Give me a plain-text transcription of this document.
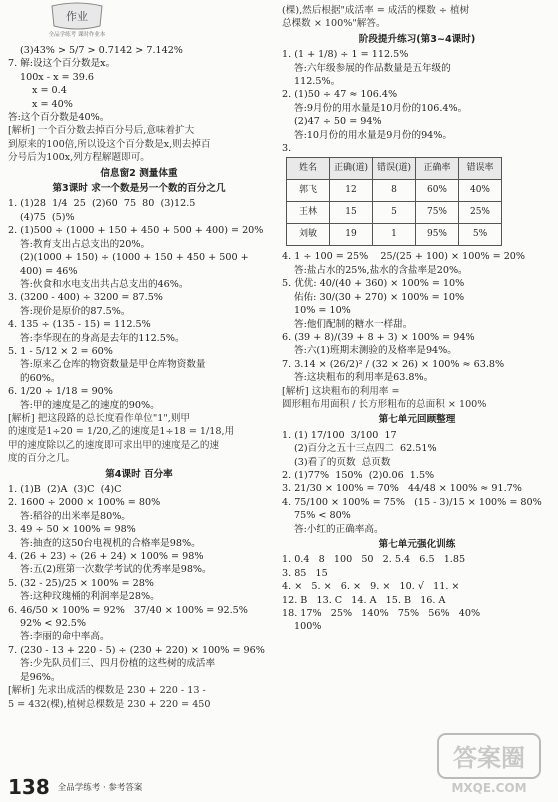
作业
全品学练考 课时作业本
(3)43% > 5/7 > 0.7142 > 7.142%
7. 解:设这个百分数是x。
100x - x = 39.6
x = 0.4
x = 40%
答:这个百分数是40%。
[解析] 一个百分数去掉百分号后,意味着扩大
到原来的100倍,所以设这个百分数是x,则去掉百
分号后为100x,列方程解题即可。
信息窗2 测量体重
第3课时 求一个数是另一个数的百分之几
1. (1)28  1/4  25  (2)60  75  80  (3)12.5
(4)75  (5)%
2. (1)500 ÷ (1000 + 150 + 450 + 500 + 400) = 20%
答:教育支出占总支出的20%。
(2)(1000 + 150) ÷ (1000 + 150 + 450 + 500 +
400) = 46%
答:伙食和水电支出共占总支出的46%。
3. (3200 - 400) ÷ 3200 = 87.5%
答:现价是原价的87.5%。
4. 135 ÷ (135 - 15) = 112.5%
答:李华现在的身高是去年的112.5%。
5. 1 - 5/12 × 2 = 60%
答:原来乙仓库的物资数量是甲仓库物资数量
的60%。
6. 1/20 ÷ 1/18 = 90%
答:甲的速度是乙的速度的90%。
[解析] 把这段路的总长度看作单位"1",则甲
的速度是1÷20 = 1/20,乙的速度是1÷18 = 1/18,用
甲的速度除以乙的速度即可求出甲的速度是乙的速
度的百分之几。
第4课时 百分率
1. (1)B  (2)A  (3)C  (4)C
2. 1600 ÷ 2000 × 100% = 80%
答:稻谷的出米率是80%。
3. 49 ÷ 50 × 100% = 98%
答:抽查的这50台电视机的合格率是98%。
4. (26 + 23) ÷ (26 + 24) × 100% = 98%
答:五(2)班第一次数学考试的优秀率是98%。
5. (32 - 25)/25 × 100% = 28%
答:这种玟瑰桶的利润率是28%。
6. 46/50 × 100% = 92%   37/40 × 100% = 92.5%
92% < 92.5%
答:李丽的命中率高。
7. (230 - 13 + 220 - 5) ÷ (230 + 220) × 100% = 96%
答:少先队员们三、四月份植的这些树的成活率
是96%。
[解析] 先求出成活的棵数是 230 + 220 - 13 -
5 = 432(棵),植树总棵数是 230 + 220 = 450
(棵),然后根据"成活率 = 成活的棵数 ÷ 植树
总棵数 × 100%"解答。
阶段提升练习(第3~4课时)
1. (1 + 1/8) ÷ 1 = 112.5%
答:六年级参展的作品数量是五年级的
112.5%。
2. (1)50 ÷ 47 ≈ 106.4%
答:9月份的用水量是10月份的106.4%。
(2)47 ÷ 50 = 94%
答:10月份的用水量是9月份的94%。
3.
姓名	正确(道)	错误(道)	正确率	错误率
郭飞	12	8	60%	40%
王林	15	5	75%	25%
刘敏	19	1	95%	5%
4. 1 ÷ 100 = 25%    25/(25 + 100) × 100% = 20%
答:盐占水的25%,盐水的含盐率是20%。
5. 优优: 40/(40 + 360) × 100% = 10%
佑佑: 30/(30 + 270) × 100% = 10%
10% = 10%
答:他们配制的糖水一样甜。
6. (39 + 8)/(39 + 8 + 3) × 100% = 94%
答:六(1)班期末测验的及格率是94%。
7. 3.14 × (26/2)² / (32 × 26) × 100% ≈ 63.8%
答:这块粗布的利用率是63.8%。
[解析] 这块粗布的利用率 =
圆形粗布用面积 / 长方形粗布的总面积 × 100%
第七单元回顾整理
1. (1) 17/100  3/100  17
(2)百分之五十三点四二  62.51%
(3)看了的页数  总页数
2. (1)77%  150%  (2)0.06  1.5%
3. 21/30 × 100% = 70%   44/48 × 100% ≈ 91.7%
4. 75/100 × 100% = 75%   (15 - 3)/15 × 100% = 80%
75% < 80%
答:小红的正确率高。
第七单元强化训练
1. 0.4   8   100   50   2. 5.4   6.5   1.85
3. 85   15
4. ×   5. ×   6. ×   9. ×   10. √   11. ×
12. B   13. C   14. A   15. B   16. A
18. 17%   25%   140%   75%   56%   40%
100%
答案圈
MXQE.COM
138 全品学练考 · 参考答案
